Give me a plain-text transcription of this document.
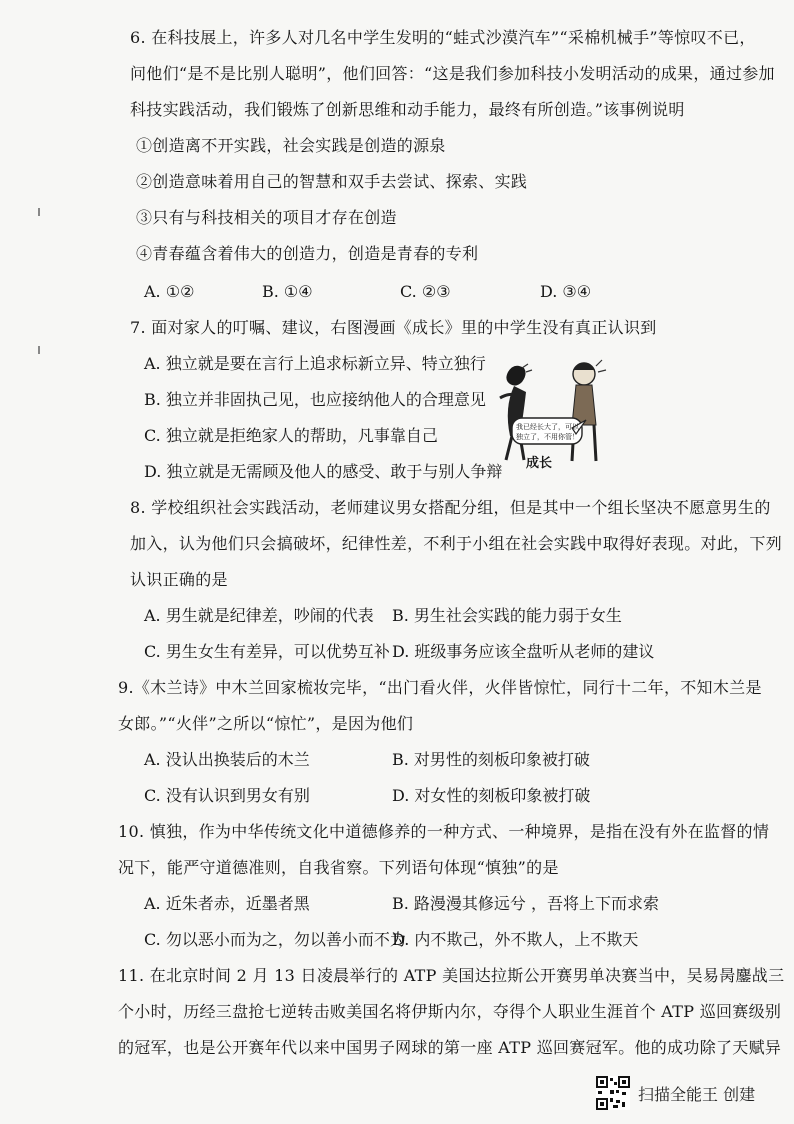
6. 在科技展上，许多人对几名中学生发明的“蛙式沙漠汽车”“采棉机械手”等惊叹不已，
问他们“是不是比别人聪明”，他们回答：“这是我们参加科技小发明活动的成果，通过参加
科技实践活动，我们锻炼了创新思维和动手能力，最终有所创造。”该事例说明
①创造离不开实践，社会实践是创造的源泉
②创造意味着用自己的智慧和双手去尝试、探索、实践
③只有与科技相关的项目才存在创造
④青春蕴含着伟大的创造力，创造是青春的专利
A. ①②	B. ①④	C. ②③	D. ③④
7. 面对家人的叮嘱、建议，右图漫画《成长》里的中学生没有真正认识到
A. 独立就是要在言行上追求标新立异、特立独行
B. 独立并非固执己见，也应接纳他人的合理意见
C. 独立就是拒绝家人的帮助，凡事靠自己
D. 独立就是无需顾及他人的感受、敢于与别人争辩
我已经长大了，可以
独立了，不用你管！
成长
8. 学校组织社会实践活动，老师建议男女搭配分组，但是其中一个组长坚决不愿意男生的
加入，认为他们只会搞破坏，纪律性差，不利于小组在社会实践中取得好表现。对此，下列
认识正确的是
A. 男生就是纪律差，吵闹的代表 B. 男生社会实践的能力弱于女生
C. 男生女生有差异，可以优势互补 D. 班级事务应该全盘听从老师的建议
9.《木兰诗》中木兰回家梳妆完毕，“出门看火伴，火伴皆惊忙，同行十二年，不知木兰是
女郎。”“火伴”之所以“惊忙”，是因为他们
A. 没认出换装后的木兰	B. 对男性的刻板印象被打破
C. 没有认识到男女有别	D. 对女性的刻板印象被打破
10. 慎独，作为中华传统文化中道德修养的一种方式、一种境界，是指在没有外在监督的情
况下，能严守道德准则，自我省察。下列语句体现“慎独”的是
A. 近朱者赤，近墨者黑	B. 路漫漫其修远兮 ，吾将上下而求索
C. 勿以恶小而为之，勿以善小而不为
D. 内不欺己，外不欺人，上不欺天
11. 在北京时间 2 月 13 日凌晨举行的 ATP 美国达拉斯公开赛男单决赛当中，吴易昺鏖战三
个小时，历经三盘抢七逆转击败美国名将伊斯内尔，夺得个人职业生涯首个 ATP 巡回赛级别
的冠军，也是公开赛年代以来中国男子网球的第一座 ATP 巡回赛冠军。他的成功除了天赋异
扫描全能王 创建
